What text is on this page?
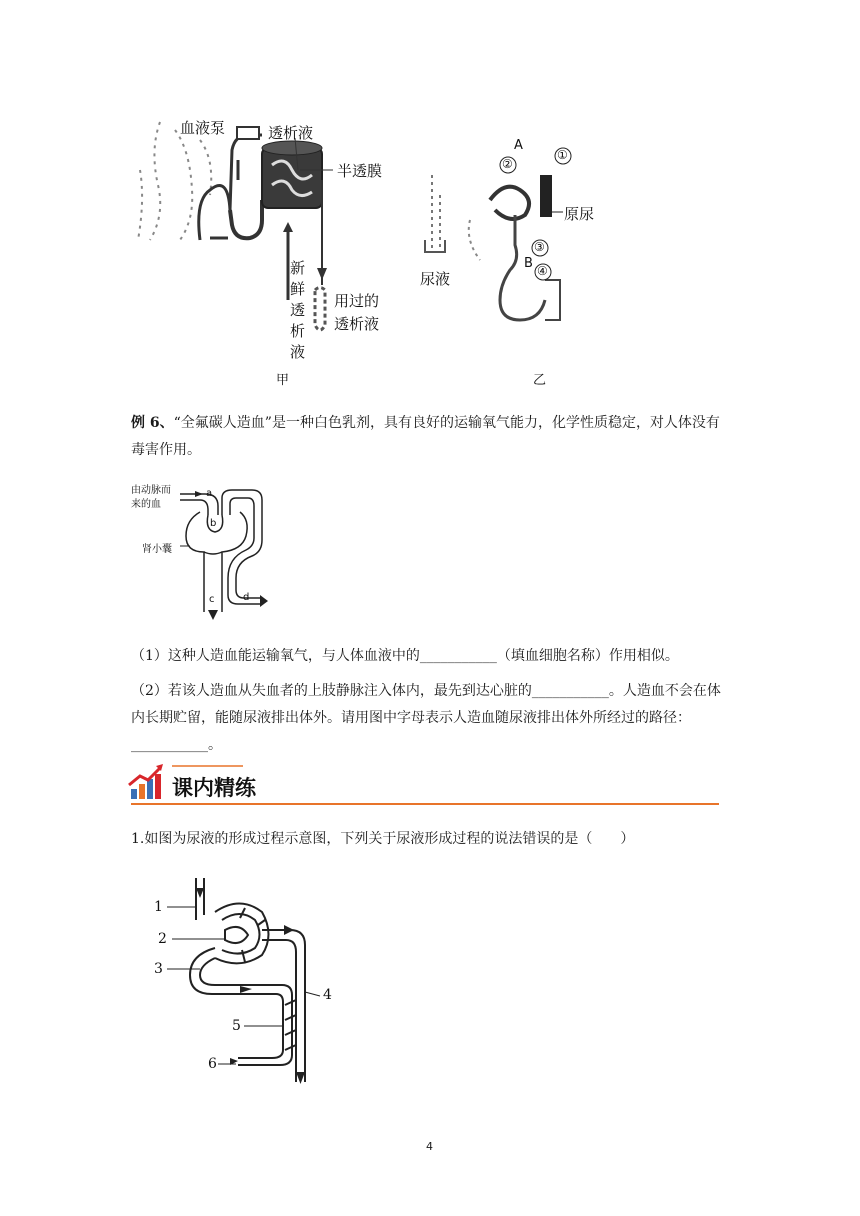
血液泵	透析液
半透膜
新
鲜
透
析
液
用过的
透析液
甲
A
②
①
原尿
③
B ④
尿液
乙
例 6、“全氟碳人造血”是一种白色乳剂，具有良好的运输氧气能力，化学性质稳定，对人体没有毒害作用。
由动脉而
来的血
肾小囊
a
b
c	d
（1）这种人造血能运输氧气，与人体血液中的___________（填血细胞名称）作用相似。
（2）若该人造血从失血者的上肢静脉注入体内，最先到达心脏的___________。人造血不会在体内长期贮留，能随尿液排出体外。请用图中字母表示人造血随尿液排出体外所经过的路径：___________。
课内精练
1.如图为尿液的形成过程示意图，下列关于尿液形成过程的说法错误的是（　　）
1
2
3
4
5
6
4
